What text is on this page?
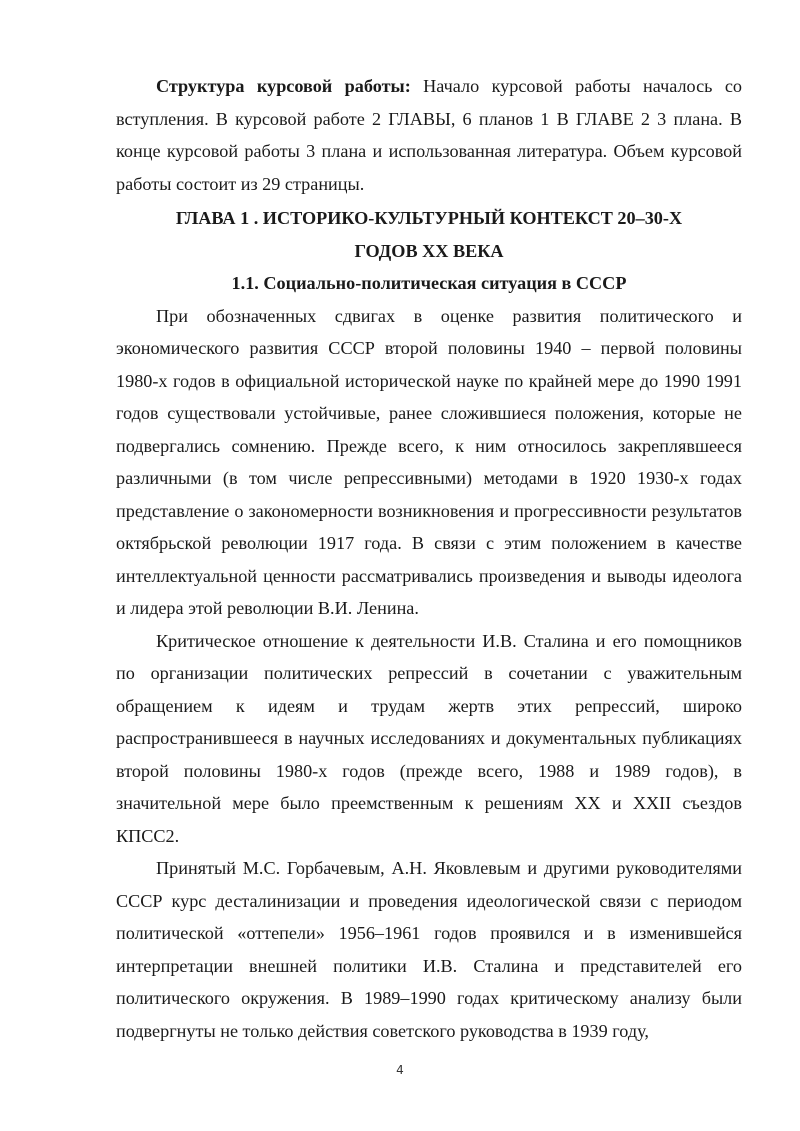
Структура курсовой работы: Начало курсовой работы началось со вступления. В курсовой работе 2 ГЛАВЫ, 6 планов 1 В ГЛАВЕ 2 3 плана. В конце курсовой работы 3 плана и использованная литература. Объем курсовой работы состоит из 29 страницы.

ГЛАВА 1 . ИСТОРИКО-КУЛЬТУРНЫЙ КОНТЕКСТ 20–30-Х

ГОДОВ XX ВЕКА

1.1. Социально-политическая ситуация в СССР

При обозначенных сдвигах в оценке развития политического и экономического развития СССР второй половины 1940 – первой половины 1980-х годов в официальной исторической науке по крайней мере до 1990 1991 годов существовали устойчивые, ранее сложившиеся положения, которые не подвергались сомнению. Прежде всего, к ним относилось закреплявшееся различными (в том числе репрессивными) методами в 1920 1930-х годах представление о закономерности возникновения и прогрессивности результатов октябрьской революции 1917 года. В связи с этим положением в качестве интеллектуальной ценности рассматривались произведения и выводы идеолога и лидера этой революции В.И. Ленина.

Критическое отношение к деятельности И.В. Сталина и его помощников по организации политических репрессий в сочетании с уважительным обращением к идеям и трудам жертв этих репрессий, широко распространившееся в научных исследованиях и документальных публикациях второй половины 1980-х годов (прежде всего, 1988 и 1989 годов), в значительной мере было преемственным к решениям XX и XXII съездов КПСС2.

Принятый М.С. Горбачевым, А.Н. Яковлевым и другими руководителями СССР курс десталинизации и проведения идеологической связи с периодом политической «оттепели» 1956–1961 годов проявился и в изменившейся интерпретации внешней политики И.В. Сталина и представителей его политического окружения. В 1989–1990 годах критическому анализу были подвергнуты не только действия советского руководства в 1939 году,

4
